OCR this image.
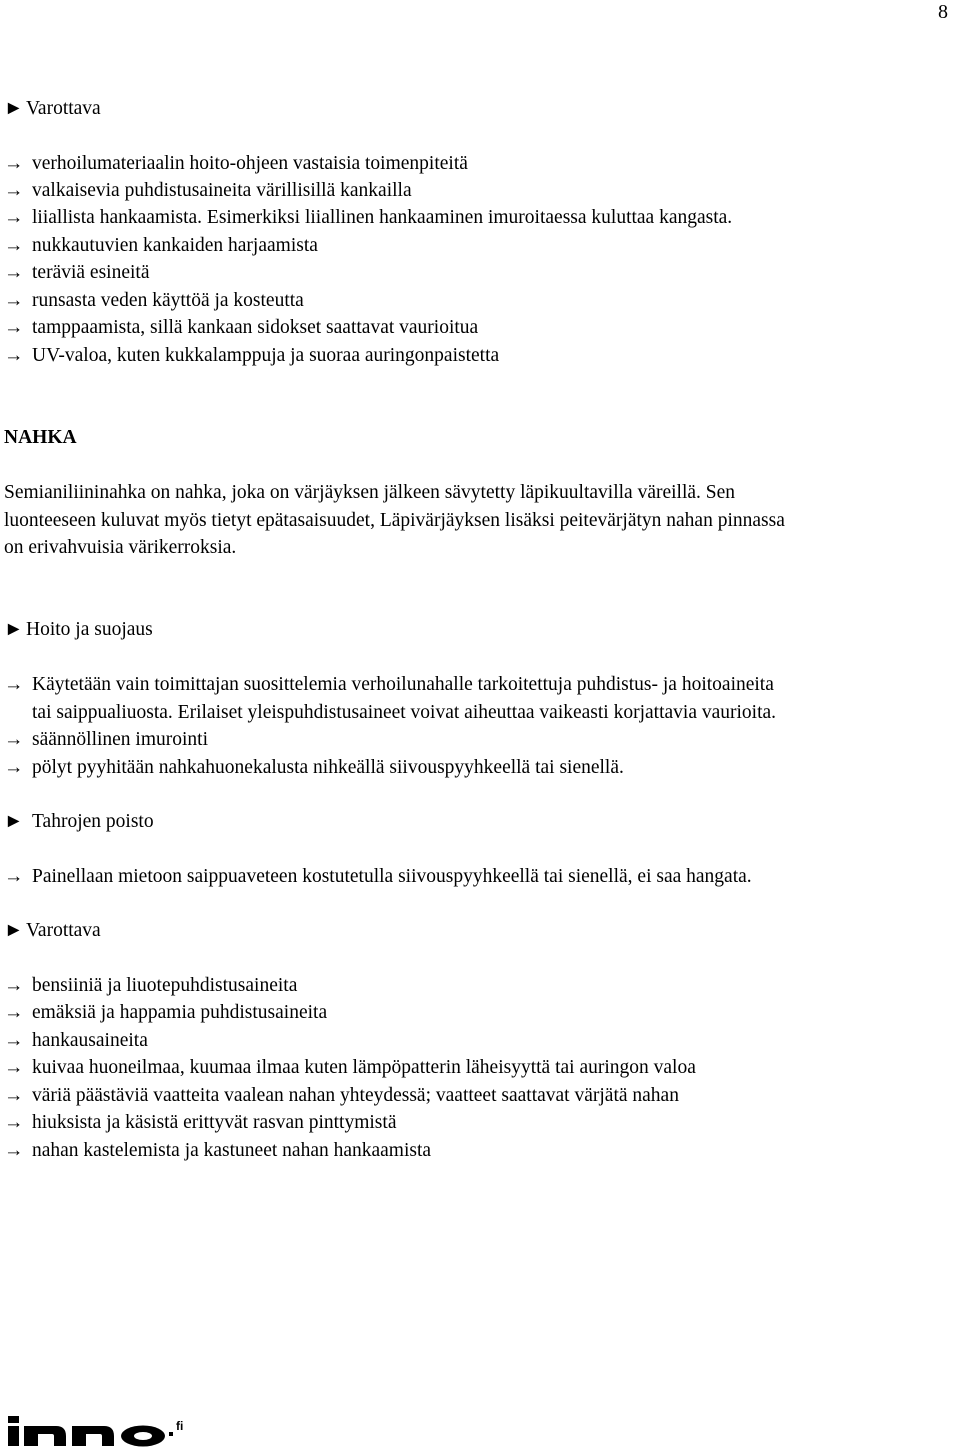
8
► Varottava
→ verhoilumateriaalin hoito-ohjeen vastaisia toimenpiteitä
→ valkaisevia puhdistusaineita värillisillä kankailla
→ liiallista hankaamista. Esimerkiksi liiallinen hankaaminen imuroitaessa kuluttaa kangasta.
→ nukkautuvien kankaiden harjaamista
→ teräviä esineitä
→ runsasta veden käyttöä ja kosteutta
→ tamppaamista, sillä kankaan sidokset saattavat vaurioitua
→ UV-valoa, kuten kukkalamppuja ja suoraa auringonpaistetta
NAHKA
Semianiliininahka on nahka, joka on värjäyksen jälkeen sävytetty läpikuultavilla väreillä. Sen
luonteeseen kuluvat myös tietyt epätasaisuudet, Läpivärjäyksen lisäksi peitevärjätyn nahan pinnassa
on erivahvuisia värikerroksia.
► Hoito ja suojaus
→ Käytetään vain toimittajan suosittelemia verhoilunahalle tarkoitettuja puhdistus- ja hoitoaineita
tai saippualiuosta. Erilaiset yleispuhdistusaineet voivat aiheuttaa vaikeasti korjattavia vaurioita.
→ säännöllinen imurointi
→ pölyt pyyhitään nahkahuonekalusta nihkeällä siivouspyyhkeellä tai sienellä.
► Tahrojen poisto
→ Painellaan mietoon saippuaveteen kostutetulla siivouspyyhkeellä tai sienellä, ei saa hangata.
► Varottava
→ bensiiniä ja liuotepuhdistusaineita
→ emäksiä ja happamia puhdistusaineita
→ hankausaineita
→ kuivaa huoneilmaa, kuumaa ilmaa kuten lämpöpatterin läheisyyttä tai auringon valoa
→ väriä päästäviä vaatteita vaalean nahan yhteydessä; vaatteet saattavat värjätä nahan
→ hiuksista ja käsistä erittyvät rasvan pinttymistä
→ nahan kastelemista ja kastuneet nahan hankaamista
fi
